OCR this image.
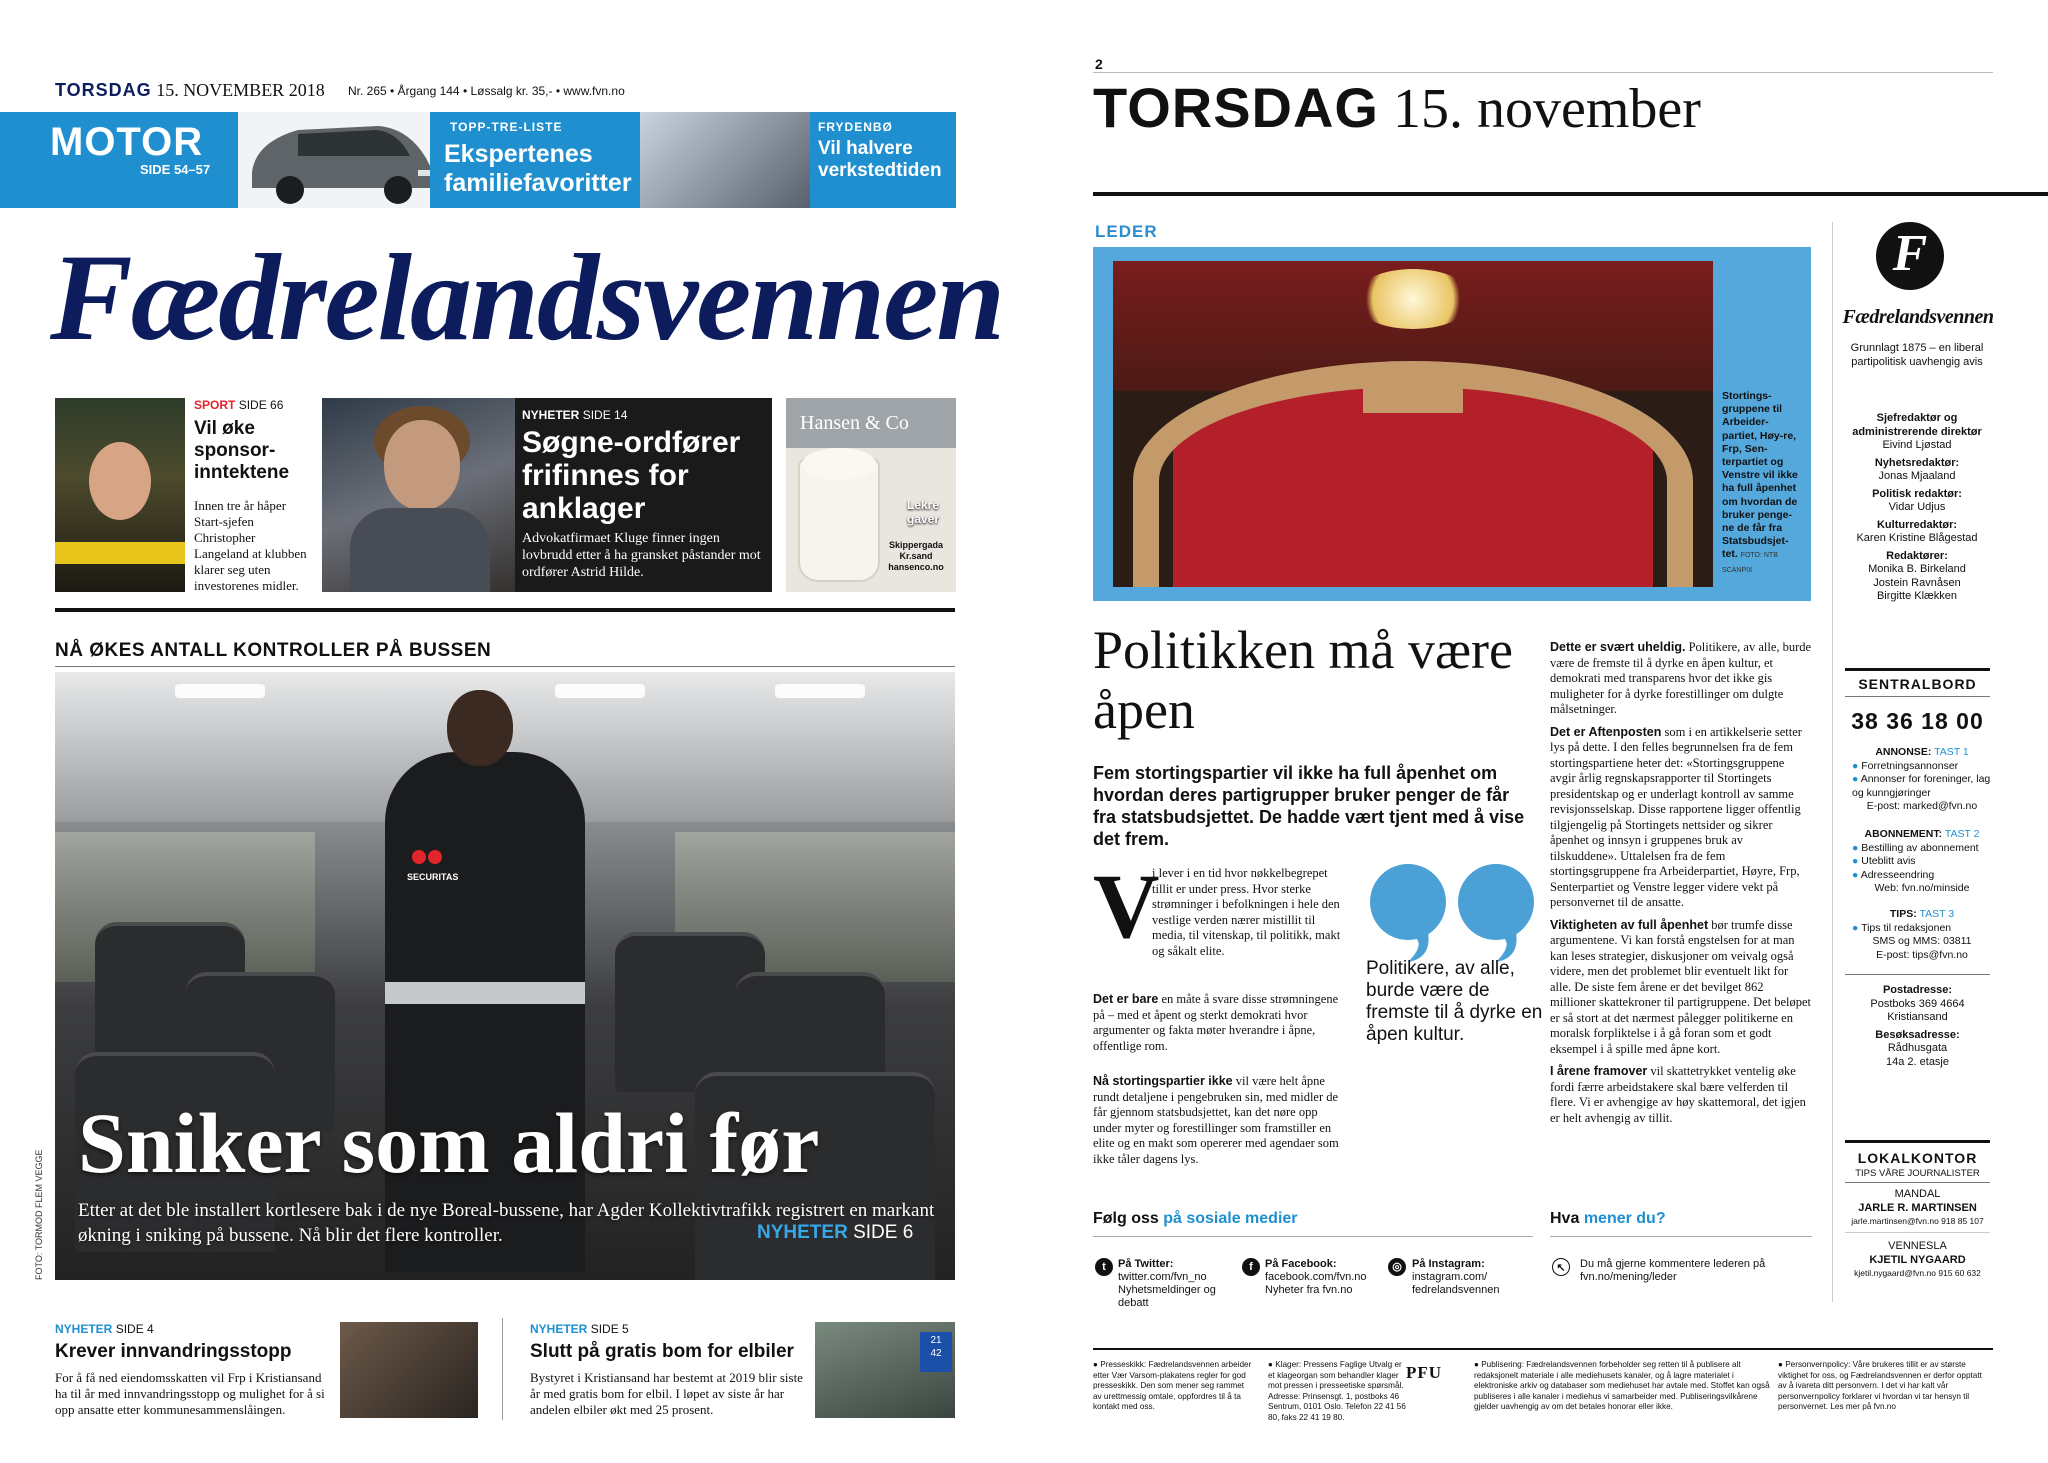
TORSDAG 15. NOVEMBER 2018 Nr. 265 • Årgang 144 • Løssalg kr. 35,- • www.fvn.no
MOTOR
SIDE 54–57
TOPP-TRE-LISTE
Ekspertenes familiefavoritter
FRYDENBØ
Vil halvere verkstedtiden
Fædrelandsvennen
SPORT SIDE 66
Vil øke sponsor-inntektene
Innen tre år håper Start-sjefen Christopher Langeland at klubben klarer seg uten investorenes midler.
NYHETER SIDE 14
Søgne-ordfører frifinnes for anklager
Advokatfirmaet Kluge finner ingen lovbrudd etter å ha gransket påstander mot ordfører Astrid Hilde.
Hansen & Co
Lekre gaver
Skippergada
Kr.sand
hansenco.no
NÅ ØKES ANTALL KONTROLLER PÅ BUSSEN
SECURITAS
Sniker som aldri før
Etter at det ble installert kortlesere bak i de nye Boreal-bussene, har Agder Kollektivtrafikk registrert en markant økning i sniking på bussene. Nå blir det flere kontroller.	NYHETER SIDE 6
FOTO: TORMOD FLEM VEGGE
NYHETER SIDE 4
Krever innvandringsstopp
For å få ned eiendomsskatten vil Frp i Kristiansand ha til år med innvandringsstopp og mulighet for å si opp ansatte etter kommunesammenslåingen.
NYHETER SIDE 5
Slutt på gratis bom for elbiler
Bystyret i Kristiansand har bestemt at 2019 blir siste år med gratis bom for elbil. I løpet av siste år har andelen elbiler økt med 25 prosent.
21
42
2
TORSDAG 15. november
LEDER
Stortings-gruppene til Arbeider-partiet, Høy-re, Frp, Sen-terpartiet og Venstre vil ikke ha full åpenhet om hvordan de bruker penge-ne de får fra Statsbudsjet-tet. FOTO: NTB SCANPIX
Politikken må være åpen
Fem stortingspartier vil ikke ha full åpenhet om hvordan deres partigrupper bruker penger de får fra statsbudsjettet. De hadde vært tjent med å vise det frem.
V
i lever i en tid hvor nøkkelbegrepet tillit er under press. Hvor sterke strømninger i befolkningen i hele den vestlige verden nærer mistillit til media, til vitenskap, til politikk, makt og såkalt elite.
Det er bare en måte å svare disse strømningene på – med et åpent og sterkt demokrati hvor argumenter og fakta møter hverandre i åpne, offentlige rom.
Nå stortingspartier ikke vil være helt åpne rundt detaljene i pengebruken sin, med midler de får gjennom statsbudsjettet, kan det nøre opp under myter og forestillinger som framstiller en elite og en makt som opererer med agendaer som ikke tåler dagens lys.
Politikere, av alle, burde være de fremste til å dyrke en åpen kultur.

Dette er svært uheldig. Politikere, av alle, burde være de fremste til å dyrke en åpen kultur, et demokrati med transparens hvor det ikke gis muligheter for å dyrke forestillinger om dulgte målsetninger.

Det er Aftenposten som i en artikkelserie setter lys på dette. I den felles begrunnelsen fra de fem stortingspartiene heter det: «Stortingsgruppene avgir årlig regnskapsrapporter til Stortingets presidentskap og er underlagt kontroll av samme revisjonsselskap. Disse rapportene ligger offentlig tilgjengelig på Stortingets nettsider og sikrer åpenhet og innsyn i gruppenes bruk av tilskuddene». Uttalelsen fra de fem stortingsgruppene fra Arbeiderpartiet, Høyre, Frp, Senterpartiet og Venstre legger videre vekt på personvernet til de ansatte.

Viktigheten av full åpenhet bør trumfe disse argumentene. Vi kan forstå engstelsen for at man kan leses strategier, diskusjoner om veivalg også videre, men det problemet blir eventuelt likt for alle. De siste fem årene er det bevilget 862 millioner skattekroner til partigruppene. Det beløpet er så stort at det nærmest pålegger politikerne en moralsk forpliktelse i å gå foran som et godt eksempel i å spille med åpne kort.

I årene framover vil skattetrykket ventelig øke fordi færre arbeidstakere skal bære velferden til flere. Vi er avhengige av høy skattemoral, det igjen er helt avhengig av tillit.

Følg oss på sosiale medier
t	På Twitter:
twitter.com/fvn_no Nyhetsmeldinger og debatt
f	På Facebook:
facebook.com/fvn.no Nyheter fra fvn.no
◎ På Instagram:
instagram.com/ fedrelandsvennen
Hva mener du?
↖	Du må gjerne kommentere lederen på fvn.no/mening/leder
F
Fædrelandsvennen
Grunnlagt 1875 – en liberal partipolitisk uavhengig avis
Sjefredaktør og administrerende direktør
Eivind Ljøstad
Nyhetsredaktør:
Jonas Mjaaland
Politisk redaktør:
Vidar Udjus
Kulturredaktør:
Karen Kristine Blågestad
Redaktører:
Monika B. Birkeland Jostein Ravnåsen Birgitte Klækken
SENTRALBORD
38 36 18 00
ANNONSE: TAST 1
● Forretningsannonser
● Annonser for foreninger, lag og kunngjøringer
E-post: marked@fvn.no
ABONNEMENT: TAST 2
● Bestilling av abonnement
● Uteblitt avis
● Adresseendring
Web: fvn.no/minside
TIPS: TAST 3
● Tips til redaksjonen
SMS og MMS: 03811
E-post: tips@fvn.no
Postadresse:
Postboks 369 4664 Kristiansand
Besøksadresse:
Rådhusgata 14a 2. etasje
LOKALKONTOR
TIPS VÅRE JOURNALISTER
MANDAL
JARLE R. MARTINSEN
jarle.martinsen@fvn.no 918 85 107
VENNESLA
KJETIL NYGAARD
kjetil.nygaard@fvn.no 915 60 632
● Presseskikk: Fædrelandsvennen arbeider etter Vær Varsom-plakatens regler for god presseskikk. Den som mener seg rammet av urettmessig omtale, oppfordres til å ta kontakt med oss.
● Klager: Pressens Faglige Utvalg er et klageorgan som behandler klager mot pressen i presseetiske spørsmål. Adresse: Prinsensgt. 1, postboks 46 Sentrum, 0101 Oslo. Telefon 22 41 56 80, faks 22 41 19 80.
PFU	● Publisering: Fædrelandsvennen forbeholder seg retten til å publisere alt redaksjonelt materiale i alle mediehusets kanaler, og å lagre materialet i elektroniske arkiv og databaser som mediehuset har avtale med. Stoffet kan også publiseres i alle kanaler i mediehus vi samarbeider med. Publiseringsvilkårene gjelder uavhengig av om det betales honorar eller ikke.
● Personvernpolicy: Våre brukeres tillit er av største viktighet for oss, og Fædrelandsvennen er derfor opptatt av å ivareta ditt personvern. I det vi har kalt vår personvernpolicy forklarer vi hvordan vi tar hensyn til personvernet. Les mer på fvn.no
